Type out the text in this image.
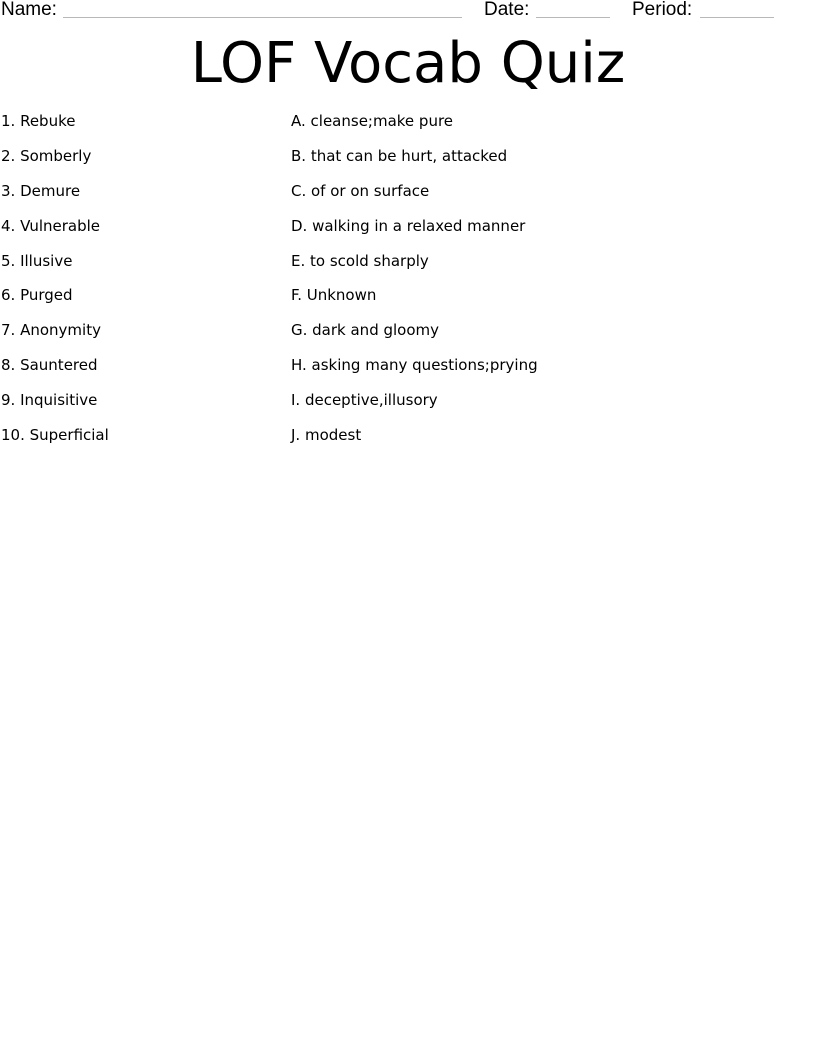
Name:	Date:	Period:
LOF Vocab Quiz
1. Rebuke	A. cleanse;make pure
2. Somberly	B. that can be hurt, attacked
3. Demure	C. of or on surface
4. Vulnerable	D. walking in a relaxed manner
5. Illusive	E. to scold sharply
6. Purged	F. Unknown
7. Anonymity	G. dark and gloomy
8. Sauntered	H. asking many questions;prying
9. Inquisitive	I. deceptive,illusory
10. Superficial	J. modest
